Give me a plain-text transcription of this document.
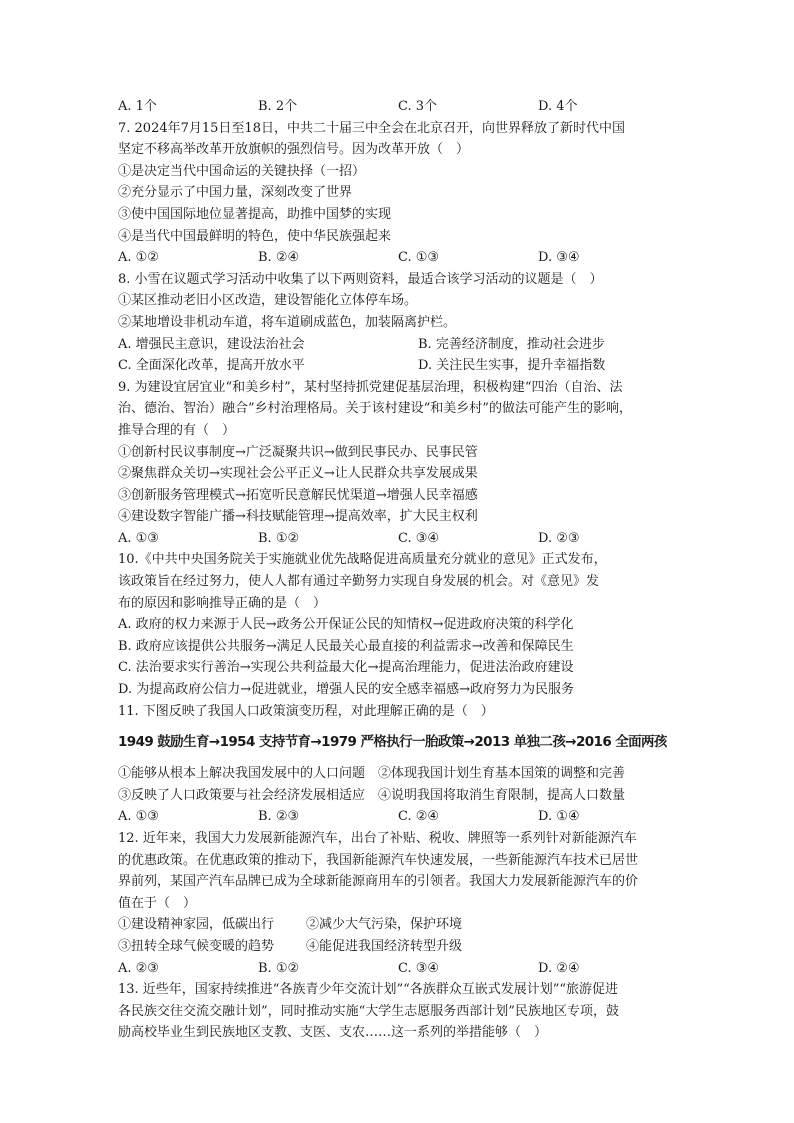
A. 1个	B. 2个	C. 3个	D. 4个
7. 2024年7月15日至18日，中共二十届三中全会在北京召开，向世界释放了新时代中国
坚定不移高举改革开放旗帜的强烈信号。因为改革开放（　）
①是决定当代中国命运的关键抉择（一招）
②充分显示了中国力量，深刻改变了世界
③使中国国际地位显著提高，助推中国梦的实现
④是当代中国最鲜明的特色，使中华民族强起来
A. ①②	B. ②④	C. ①③	D. ③④
8. 小雪在议题式学习活动中收集了以下两则资料，最适合该学习活动的议题是（　）
①某区推动老旧小区改造，建设智能化立体停车场。
②某地增设非机动车道，将车道刷成蓝色，加装隔离护栏。
A. 增强民主意识，建设法治社会	B. 完善经济制度，推动社会进步
C. 全面深化改革，提高开放水平	D. 关注民生实事，提升幸福指数
9. 为建设宜居宜业“和美乡村”，某村坚持抓党建促基层治理，积极构建“四治（自治、法
治、德治、智治）融合”乡村治理格局。关于该村建设“和美乡村”的做法可能产生的影响，
推导合理的有（　）
①创新村民议事制度→广泛凝聚共识→做到民事民办、民事民管
②聚焦群众关切→实现社会公平正义→让人民群众共享发展成果
③创新服务管理模式→拓宽听民意解民忧渠道→增强人民幸福感
④建设数字智能广播→科技赋能管理→提高效率，扩大民主权利
A. ①③	B. ①②	C. ③④	D. ②③
10.《中共中央国务院关于实施就业优先战略促进高质量充分就业的意见》正式发布，
该政策旨在经过努力，使人人都有通过辛勤努力实现自身发展的机会。对《意见》发
布的原因和影响推导正确的是（　）
A. 政府的权力来源于人民→政务公开保证公民的知情权→促进政府决策的科学化
B. 政府应该提供公共服务→满足人民最关心最直接的利益需求→改善和保障民生
C. 法治要求实行善治→实现公共利益最大化→提高治理能力，促进法治政府建设
D. 为提高政府公信力→促进就业，增强人民的安全感幸福感→政府努力为民服务
11. 下图反映了我国人口政策演变历程，对此理解正确的是（　）
1949 鼓励生育→1954 支持节育→1979 严格执行一胎政策→2013 单独二孩→2016 全面两孩
①能够从根本上解决我国发展中的人口问题　 ②体现我国计划生育基本国策的调整和完善
③反映了人口政策要与社会经济发展相适应　 ④说明我国将取消生育限制，提高人口数量
A. ①③	B. ②③	C. ②④	D. ①④
12. 近年来，我国大力发展新能源汽车，出台了补贴、税收、牌照等一系列针对新能源汽车
的优惠政策。在优惠政策的推动下，我国新能源汽车快速发展，一些新能源汽车技术已居世
界前列，某国产汽车品牌已成为全球新能源商用车的引领者。我国大力发展新能源汽车的价
值在于（　）
①建设精神家园，低碳出行	②减少大气污染，保护环境
③扭转全球气候变暖的趋势	④能促进我国经济转型升级
A. ②③	B. ①②	C. ③④	D. ②④
13. 近些年，国家持续推进“各族青少年交流计划”“各族群众互嵌式发展计划”“旅游促进
各民族交往交流交融计划”，同时推动实施“大学生志愿服务西部计划”民族地区专项，鼓
励高校毕业生到民族地区支教、支医、支农……这一系列的举措能够（　）
